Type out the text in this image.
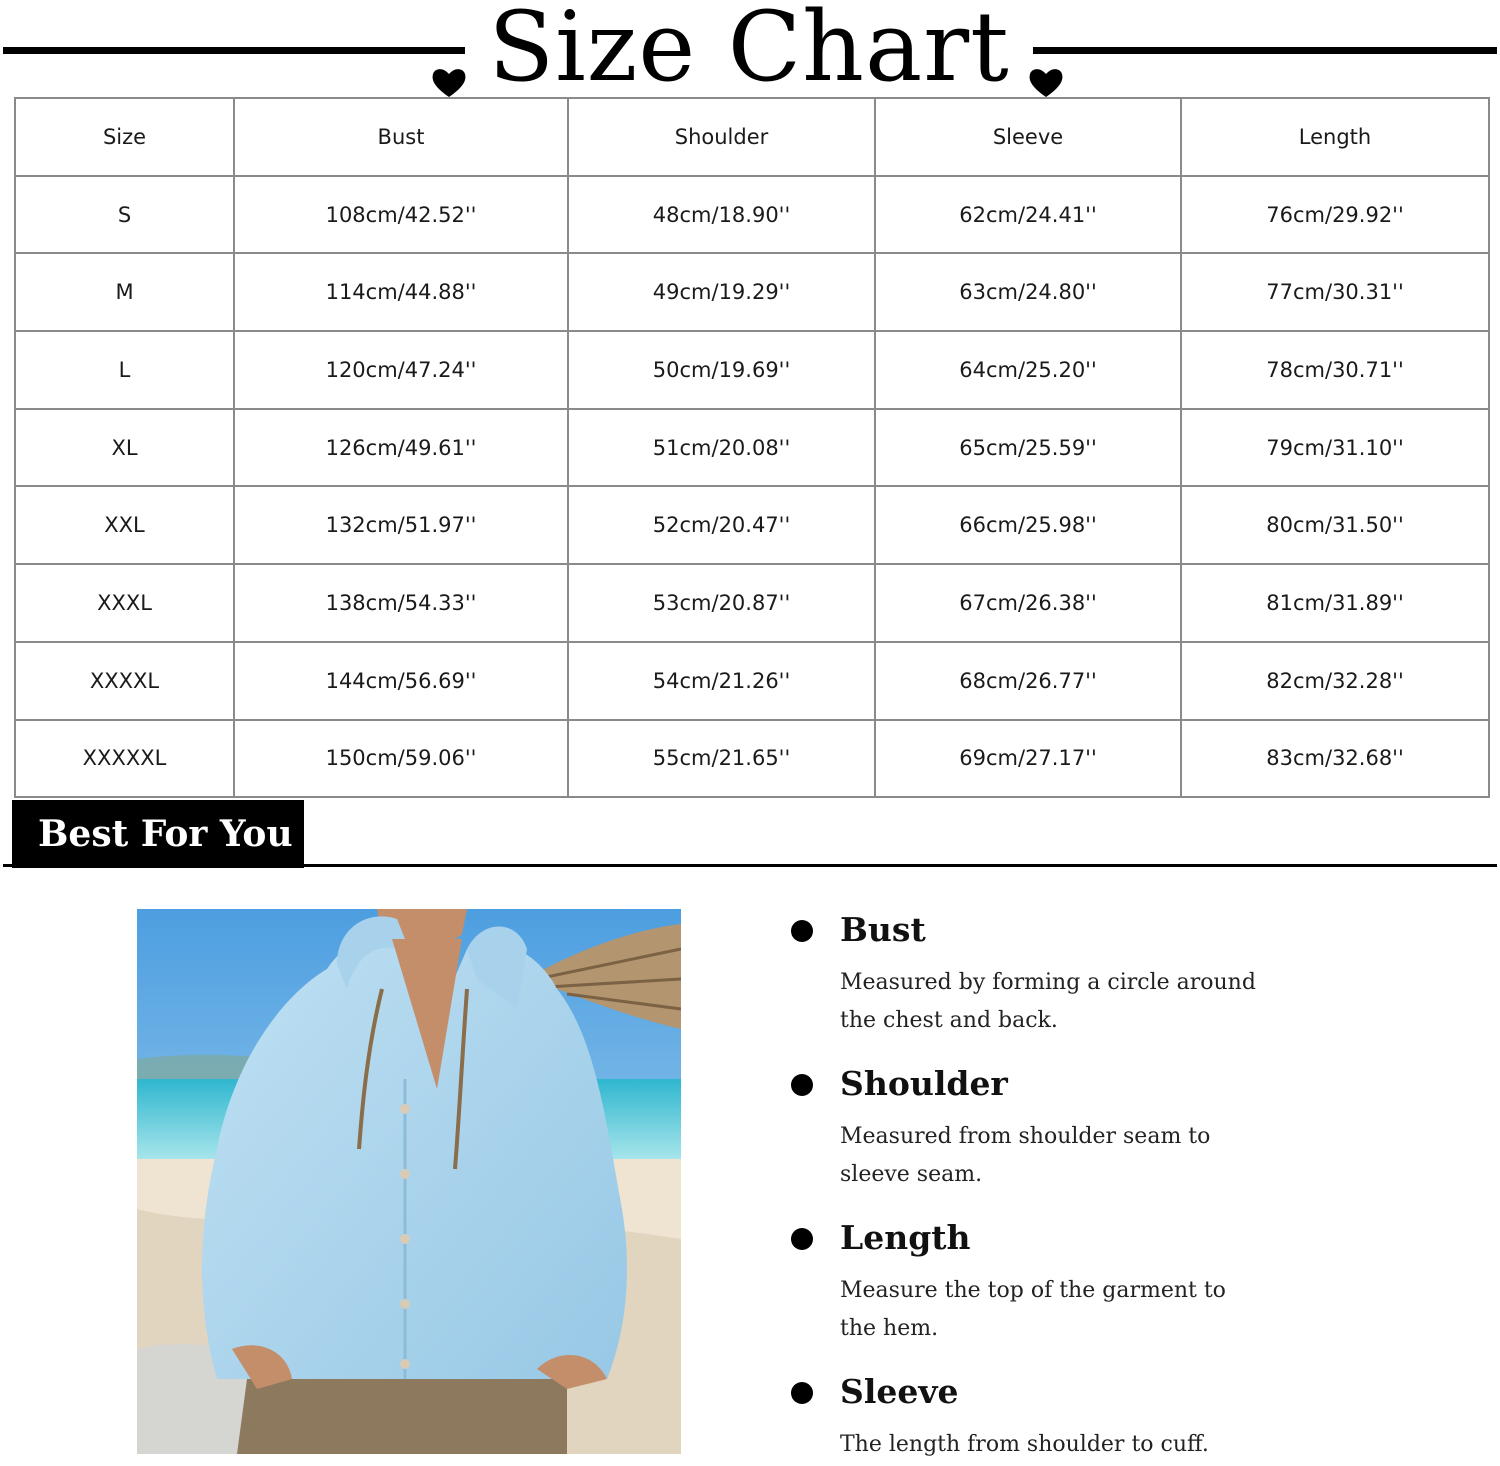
Size Chart
Size	Bust	Shoulder	Sleeve	Length
S	108cm/42.52''	48cm/18.90''	62cm/24.41''	76cm/29.92''
M	114cm/44.88''	49cm/19.29''	63cm/24.80''	77cm/30.31''
L	120cm/47.24''	50cm/19.69''	64cm/25.20''	78cm/30.71''
XL	126cm/49.61''	51cm/20.08''	65cm/25.59''	79cm/31.10''
XXL	132cm/51.97''	52cm/20.47''	66cm/25.98''	80cm/31.50''
XXXL	138cm/54.33''	53cm/20.87''	67cm/26.38''	81cm/31.89''
XXXXL	144cm/56.69''	54cm/21.26''	68cm/26.77''	82cm/32.28''
XXXXXL	150cm/59.06''	55cm/21.65''	69cm/27.17''	83cm/32.68''
Best For You
Bust
Measured by forming a circle around the chest and back.
Shoulder
Measured from shoulder seam to sleeve seam.
Length
Measure the top of the garment to the hem.
Sleeve
The length from shoulder to cuff.
